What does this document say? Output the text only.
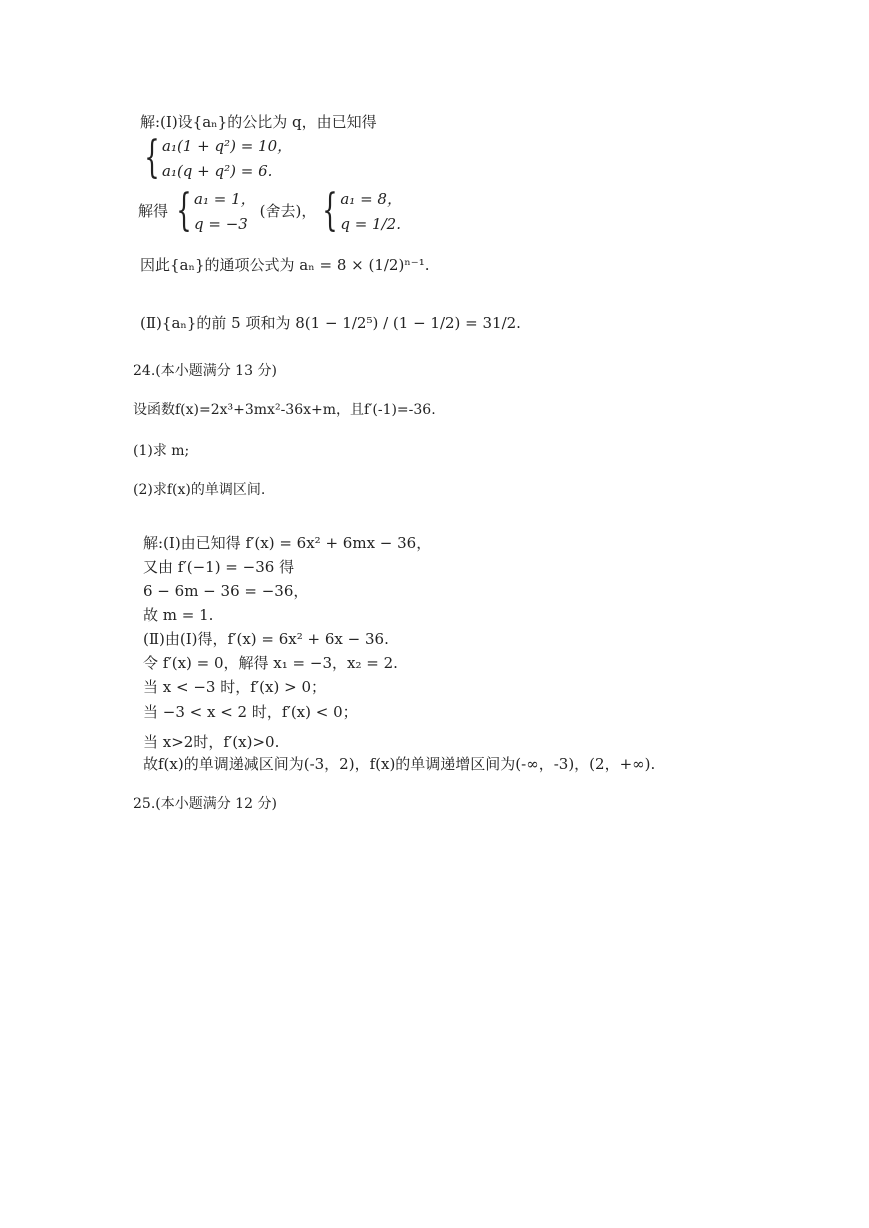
解:(Ⅰ)设{aₙ}的公比为 q，由已知得
{ a₁(1 + q²) = 10，
a₁(q + q²) = 6.
解得 { a₁ = 1，
q = −3
(舍去)， { a₁ = 8，
q = 1/2.
因此{aₙ}的通项公式为 aₙ = 8 × (1/2)ⁿ⁻¹.
(Ⅱ){aₙ}的前 5 项和为 8(1 − 1/2⁵) / (1 − 1/2) = 31/2.
24.(本小题满分 13 分)
设函数f(x)=2x³+3mx²-36x+m，且f′(-1)=-36.
(1)求 m;
(2)求f(x)的单调区间.
解:(Ⅰ)由已知得 f′(x) = 6x² + 6mx − 36，
又由 f′(−1) = −36 得
6 − 6m − 36 = −36，
故 m = 1.
(Ⅱ)由(Ⅰ)得，f′(x) = 6x² + 6x − 36.
令 f′(x) = 0，解得 x₁ = −3，x₂ = 2.
当 x < −3 时，f′(x) > 0；
当 −3 < x < 2 时，f′(x) < 0；
当 x>2时，f′(x)>0.
故f(x)的单调递减区间为(-3，2)，f(x)的单调递增区间为(-∞，-3)，(2，+∞).
25.(本小题满分 12 分)
